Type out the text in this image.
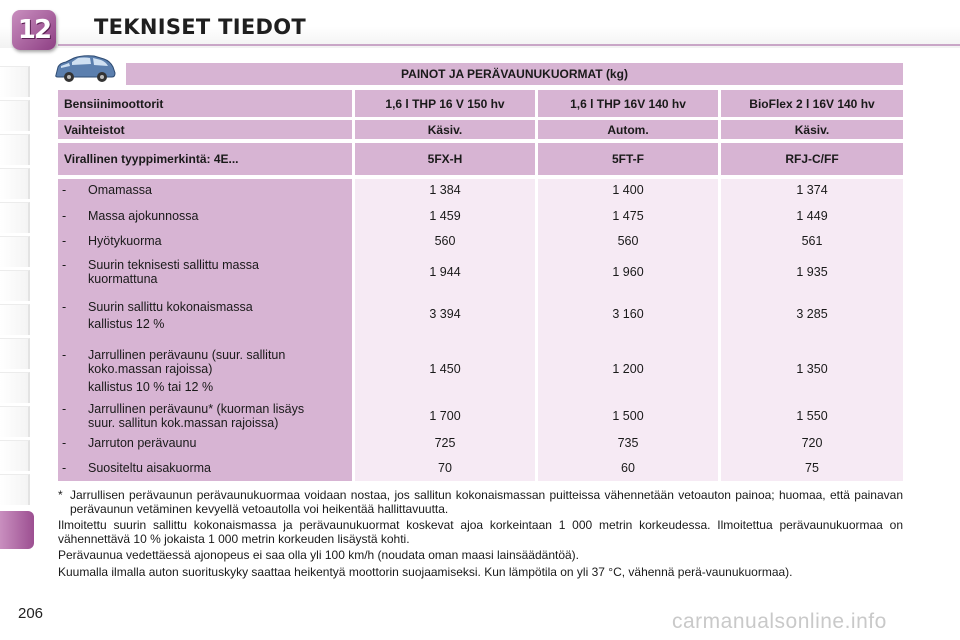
12 TEKNISET TIEDOT
PAINOT JA PERÄVAUNUKUORMAT (kg)
Bensiinimoottorit	1,6 l THP 16 V 150 hv	1,6 l THP 16V 140 hv	BioFlex 2 l 16V 140 hv
Vaihteistot	Käsiv.	Autom.	Käsiv.
Virallinen tyyppimerkintä: 4E...	5FX-H	5FT-F	RFJ-C/FF
-	Omamassa	1 384	1 400	1 374
-	Massa ajokunnossa	1 459	1 475	1 449
-	Hyötykuorma	560	560	561
-	Suurin teknisesti sallittu massa
kuormattuna	1 944	1 960	1 935
-	Suurin sallittu kokonaismassa
kallistus 12 %
3 394	3 160	3 285
-	Jarrullinen perävaunu (suur. sallitun
koko.massan rajoissa)
kallistus 10 % tai 12 %
1 450	1 200	1 350
-	Jarrullinen perävaunu* (kuorman lisäys
suur. sallitun kok.massan rajoissa)	1 700	1 500	1 550
-	Jarruton perävaunu	725	735	720
-	Suositeltu aisakuorma	70	60	75

* Jarrullisen perävaunun perävaunukuormaa voidaan nostaa, jos sallitun kokonaismassan puitteissa vähennetään vetoauton painoa; huomaa, että painavan perävaunun vetäminen kevyellä vetoautolla voi heikentää hallittavuutta.

Ilmoitettu suurin sallittu kokonaismassa ja perävaunukuormat koskevat ajoa korkeintaan 1 000 metrin korkeudessa. Ilmoitettua perävaunukuormaa on vähennettävä 10 % jokaista 1 000 metrin korkeuden lisäystä kohti.

Perävaunua vedettäessä ajonopeus ei saa olla yli 100 km/h (noudata oman maasi lainsäädäntöä).

Kuumalla ilmalla auton suorituskyky saattaa heikentyä moottorin suojaamiseksi. Kun lämpötila on yli 37 °C, vähennä perä-vaunukuormaa).

206	carmanualsonline.info
